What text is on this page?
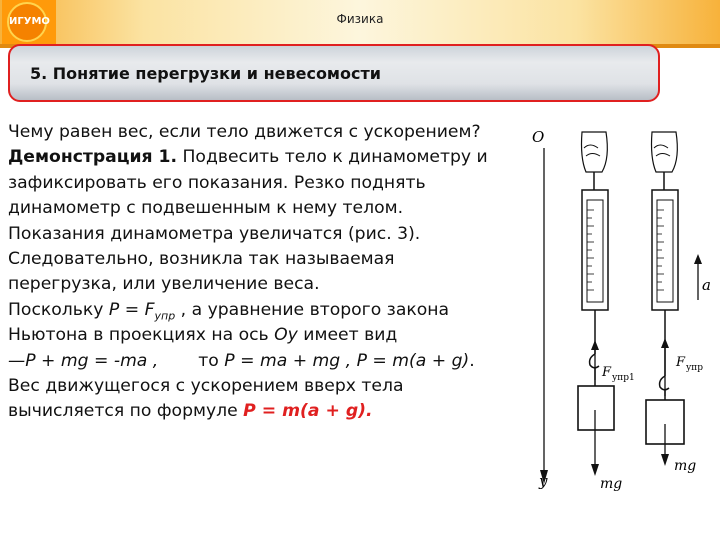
ИГУМО	Физика
5. Понятие перегрузки и невесомости
Чему равен вес, если тело движется с ускорением?
Демонстрация 1. Подвесить тело к динамометру и
зафиксировать его показания. Резко поднять
динамометр с подвешенным к нему телом.
Показания динамометра увеличатся (рис. 3).
Следовательно, возникла так называемая
перегрузка, или увеличение веса.
Поскольку $Р = F_{упр}$ , а уравнение второго закона
Ньютона в проекциях на ось Оу имеет вид
—Р + mg = -ma , то Р = ma + mg , Р = m(a + g).
Вес движущегося с ускорением вверх тела
вычисляется по формуле Р = m(a + g).
O
y
F упр1
mg
a
F упр
mg
